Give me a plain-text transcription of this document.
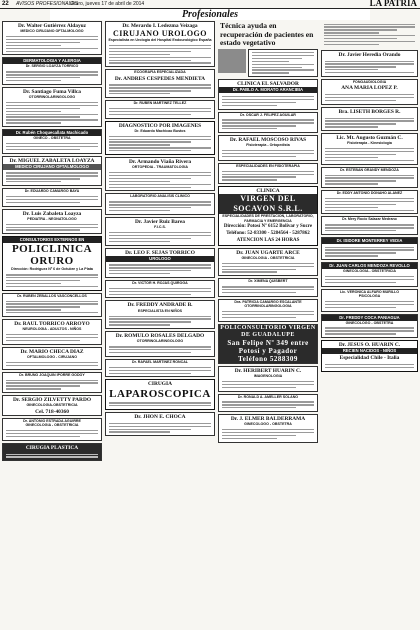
22 AVISOS PROFESIONALES
Oruro, jueves 17 de abril de 2014	LA PATRIA
Profesionales
Dr. Walter Gutiérrez Aldayuz
MEDICO CIRUJANO OFTALMOLOGO
DERMATOLOGIA Y ALERGIA
Dr. SERGIO LOAYZA TORRICO
Dr. Santiago Fuma Villca
OTORRINOLARINGOLOGO
Dr. Rubén Choquecallata Machicado
GINECO - OBSTETRA
Dr. MIGUEL ZABALETA LOAYZA
MEDICO CIRUJANO OFTALMOLOGO
Dr. EDUARDO CAMARGO BAYA
Dr. Luis Zabaleta Loayza
PEDIATRA - NEONATOLOGO
CONSULTORIOS EXTERNOS EN
POLICLINICA ORURO
Dirección: Rodríguez Nº 6 de Octubre y La Plata
Dr. RUBEN ZEBALLOS VASCONCELLOS
Dr. RAUL TORRICO ARROYO
NEUROLOGIA - ADULTOS - NIÑOS
Dr. MARIO CHECA DIAZ
OFTALMOLOGO - CIRUJANO
Dr. BRUNO JOAQUIN IPORRE GODOY
Dr. SERGIO ZILVETTY PARDO
GINECOLOGIA-OBSTETRICIA
Cel. 718-40360
Dr. ANTONIO ESTRADA AGUIRRE
GINECOLOGIA - OBSTETRICIA
CIRUGIA PLASTICA
Dr. Merardo I. Ledezma Veizaga
CIRUJANO UROLOGO
Especialista en Urología del Hospital Endourológico España
ECOGRAFIA ESPECIALIZADA
Dr. ANDRES CESPEDES MENDIETA
Dr. RUBEN MARTINEZ TELLEZ
DIAGNOSTICO POR IMAGENES
Dr. Eduardo Machicao Bustos
Dr. Armando Viaña Rivera
ORTOPEDIA - TRAUMATOLOGIA
LABORATORIO ANALISIS CLINICO
Dr. Javier Ruiz Barea
F.I.C.S.
Dr. LEO F. SEJAS TORRICO
UROLOGO
Dr. VICTOR H. ROJAS QUIROGA
Dr. FREDDY ANDRADE B.
ESPECIALISTA EN NIÑOS
Dr. ROMULO ROSALES DELGADO
OTORRINOLARINGOLOGO
Dr. RAFAEL MARTINEZ RONCAL
CIRUGIA
LAPAROSCOPICA
Dr. JHON E. CHOCA
Técnica ayuda en recuperación de pacientes en estado vegetativo
CLINICA EL SALVADOR
Dr. PABLO A. MORATO ARANCIBIA
Dr. OSCAR J. FELIPEZ AGUILAR
Dr. RAFAEL MOSCOSO RIVAS
Fisioterapia - Ortopedista
ESPECIALIDADES EN FISIOTERAPIA
CLINICA
VIRGEN DEL SOCAVON S.R.L.
ESPECIALIDADES DE PRESTACION, LABORATORIO, FARMACIA Y EMERGENCIA
Dirección: Potosí Nº 6152 Bolívar y Sucre
Teléfono: 52-83300 - 5284564 - 5287862
ATENCION LAS 24 HORAS
Dr. JUAN UGARTE ARCE
GINECOLOGIA - OBSTETRICIA
Dr. XIMENA QUISBERT
Dra. PATRICIA CAMARGO ESCALANTE
OTORRINOLARINGOLOGIA
POLICONSULTORIO VIRGEN DE GUADALUPE
San Felipe Nº 349 entre Potosí y Pagador
Teléfono 5288309
Dr. HERIBERT HUARIN C.
IMAGENOLOGIA
Dr. RONALD A. AMELLER SOLANO
Dr. J. ELMER BALDERRAMA
GINECOLOGO - OBSTETRA
Dr. Javier Heredia Orando
FONOAUDIOLOGIA
ANA MARIA LOPEZ P.
Bra. LISETH BORGES R.
Lic. Mt. Augusto Guzmán C.
Fisioterapia - Kinesiología
Dr. ESTEBAN GRANDY MENDOZA
Dr. EDDY ANTONIO DONAHO ALANEZ
Dr. Mery Rocío Salazar Medrano
Dr. ISIDORE MONTERREY VEDIA
Dr. JUAN CARLOS MENDOZA REVOLLO
GINECOLOGIA - OBSTETRICIA
Lic. VERONICA ALFARO MURILLO
PSICOLOGA
Dr. FREDDY COCA PANIAGUA
GINECOLOGO - OBSTETRA
Dr. JESUS O. HUARIN C.
RECIEN NACIDOS - NIÑOS
Especialidad Chile - Italia
